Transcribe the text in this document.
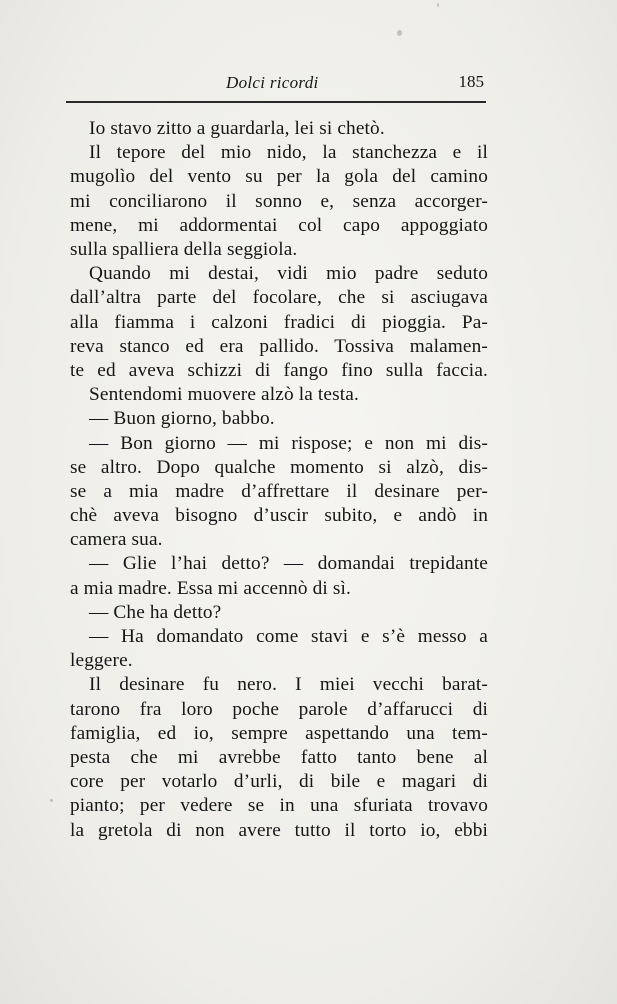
Dolci ricordi	185
Io stavo zitto a guardarla, lei si chetò.
Il tepore del mio nido, la stanchezza e il
mugolìo del vento su per la gola del camino
mi conciliarono il sonno e, senza accorger-
mene, mi addormentai col capo appoggiato
sulla spalliera della seggiola.
Quando mi destai, vidi mio padre seduto
dall’altra parte del focolare, che si asciugava
alla fiamma i calzoni fradici di pioggia. Pa-
reva stanco ed era pallido. Tossiva malamen-
te ed aveva schizzi di fango fino sulla faccia.
Sentendomi muovere alzò la testa.
— Buon giorno, babbo.
— Bon giorno — mi rispose; e non mi dis-
se altro. Dopo qualche momento si alzò, dis-
se a mia madre d’affrettare il desinare per-
chè aveva bisogno d’uscir subito, e andò in
camera sua.
— Glie l’hai detto? — domandai trepidante
a mia madre. Essa mi accennò di sì.
— Che ha detto?
— Ha domandato come stavi e s’è messo a
leggere.
Il desinare fu nero. I miei vecchi barat-
tarono fra loro poche parole d’affarucci di
famiglia, ed io, sempre aspettando una tem-
pesta che mi avrebbe fatto tanto bene al
core per votarlo d’urli, di bile e magari di
pianto; per vedere se in una sfuriata trovavo
la gretola di non avere tutto il torto io, ebbi
